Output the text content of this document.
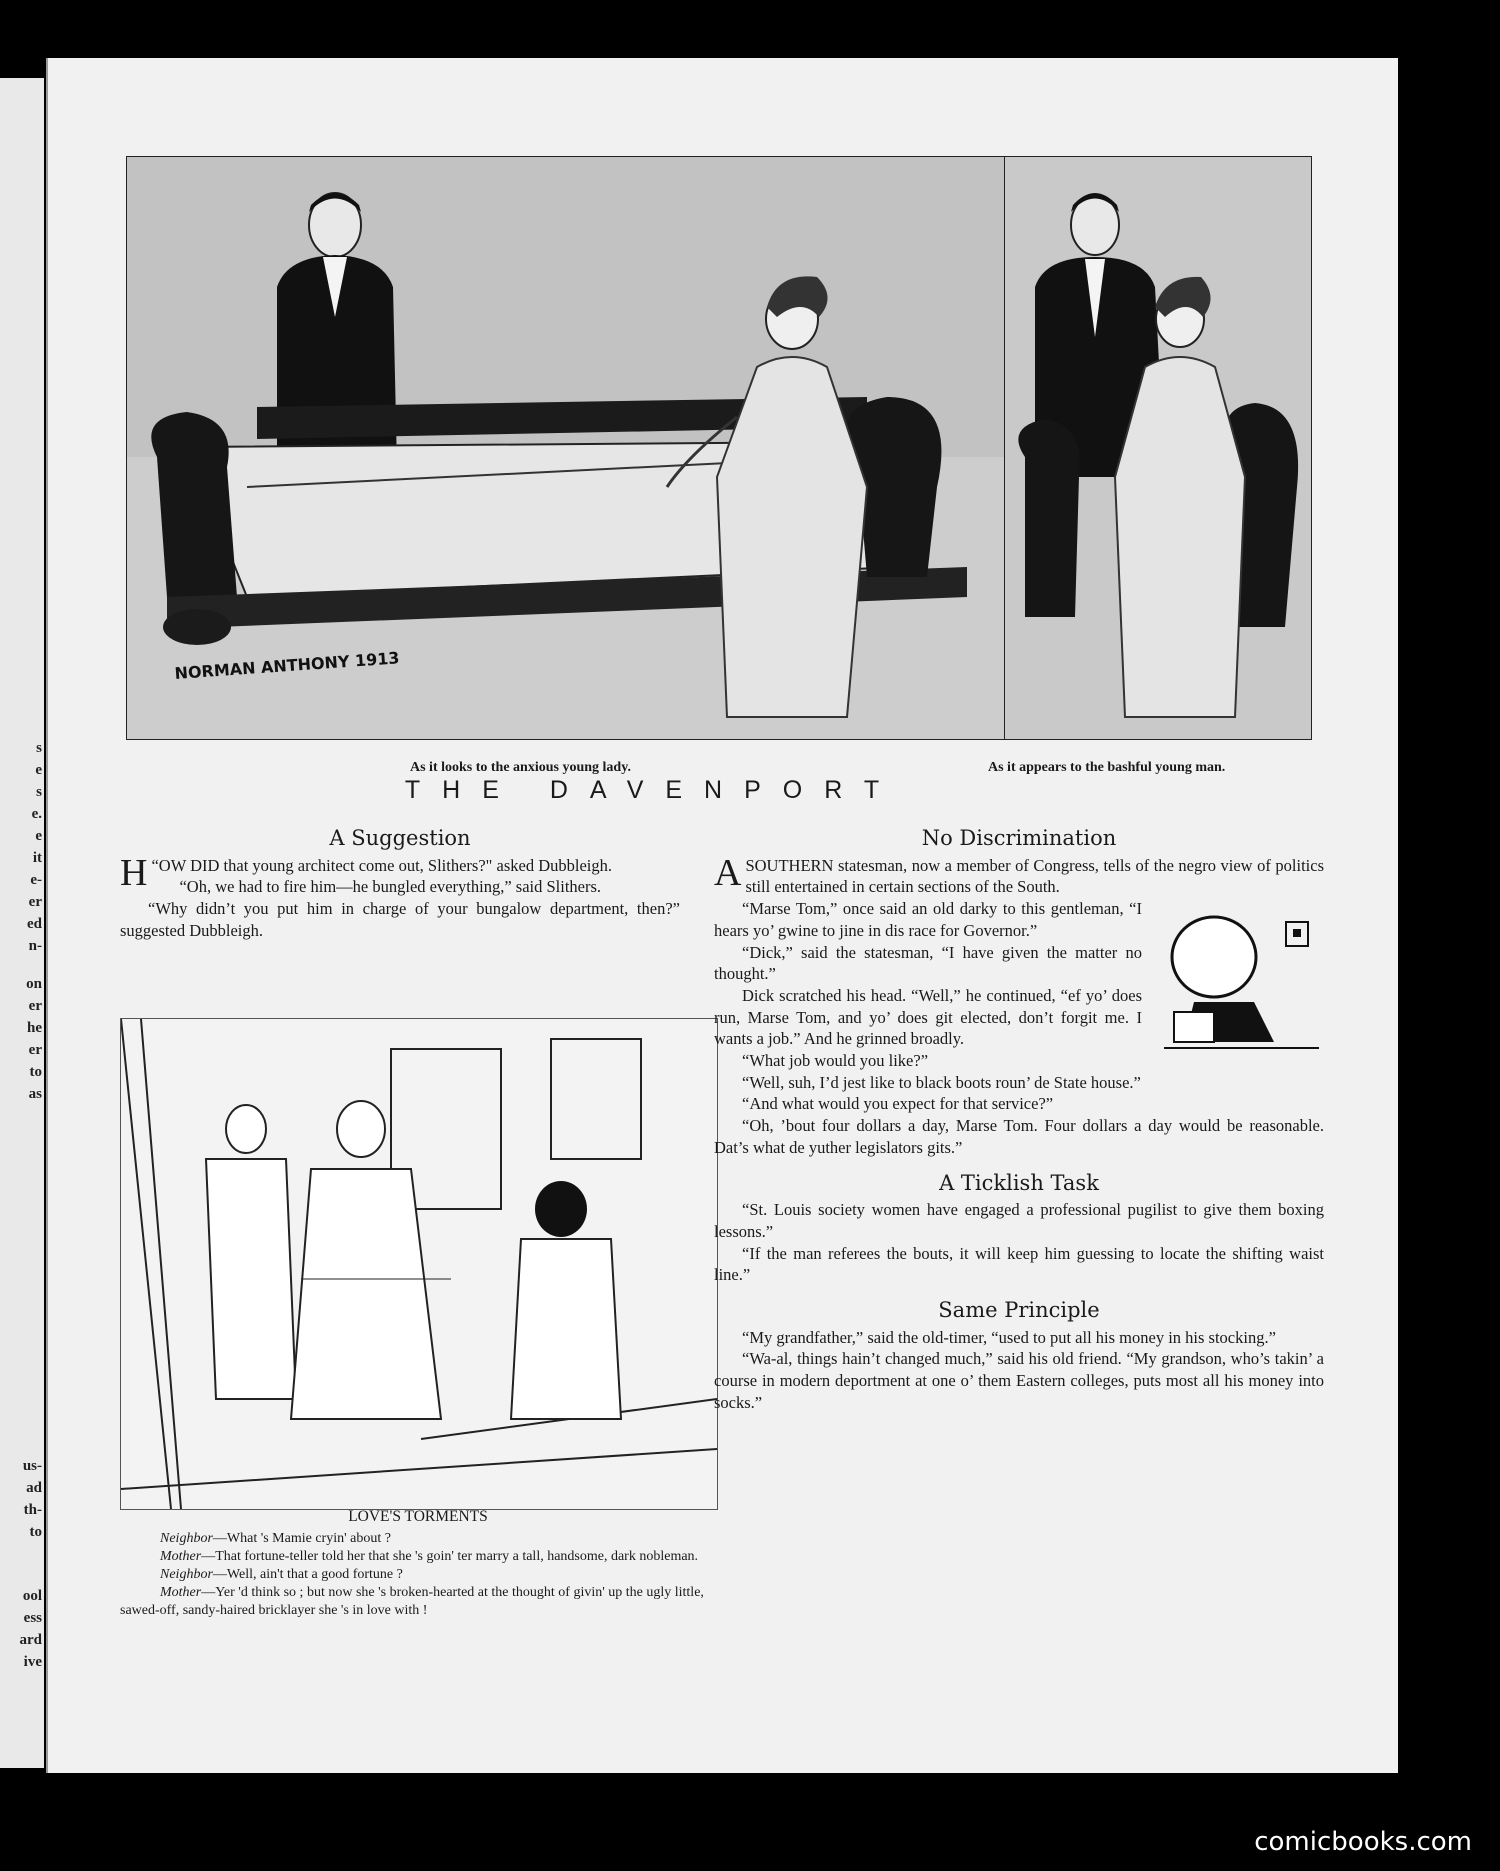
s
e
s
e.
e
it
e-
er
ed
n-
on
er
he
er
to
as
us-
ad
th-
to
ool
ess
ard
ive
NORMAN ANTHONY 1913
As it looks to the anxious young lady.	As it appears to the bashful young man.
THE DAVENPORT
A Suggestion

“
H OW DID that young architect come out, Slithers?" asked Dubbleigh.

“Oh, we had to fire him—he bungled everything,” said Slithers.

“Why didn’t you put him in charge of your bungalow department, then?” suggested Dubbleigh.

LOVE'S TORMENTS

Neighbor—What 's Mamie cryin' about ?

Mother—That fortune-teller told her that she 's goin' ter marry a tall, handsome, dark nobleman.

Neighbor—Well, ain't that a good fortune ?

Mother—Yer 'd think so ; but now she 's broken-hearted at the thought of givin' up the ugly little, sawed-off, sandy-haired bricklayer she 's in love with !

No Discrimination

ASOUTHERN statesman, now a member of Congress, tells of the negro view of politics still entertained in certain sections of the South.

“Marse Tom,” once said an old darky to this gentleman, “I hears yo’ gwine to jine in dis race for Governor.”

“Dick,” said the statesman, “I have given the matter no thought.”

Dick scratched his head. “Well,” he continued, “ef yo’ does run, Marse Tom, and yo’ does git elected, don’t forgit me. I wants a job.” And he grinned broadly.

“What job would you like?”

“Well, suh, I’d jest like to black boots roun’ de State house.”

“And what would you expect for that service?”

“Oh, ’bout four dollars a day, Marse Tom. Four dollars a day would be reasonable. Dat’s what de yuther legislators gits.”

A Ticklish Task

“St. Louis society women have engaged a professional pugilist to give them boxing lessons.”

“If the man referees the bouts, it will keep him guessing to locate the shifting waist line.”

Same Principle

“My grandfather,” said the old-timer, “used to put all his money in his stocking.”

“Wa-al, things hain’t changed much,” said his old friend. “My grandson, who’s takin’ a course in modern deportment at one o’ them Eastern colleges, puts most all his money into socks.”

comicbooks.com
